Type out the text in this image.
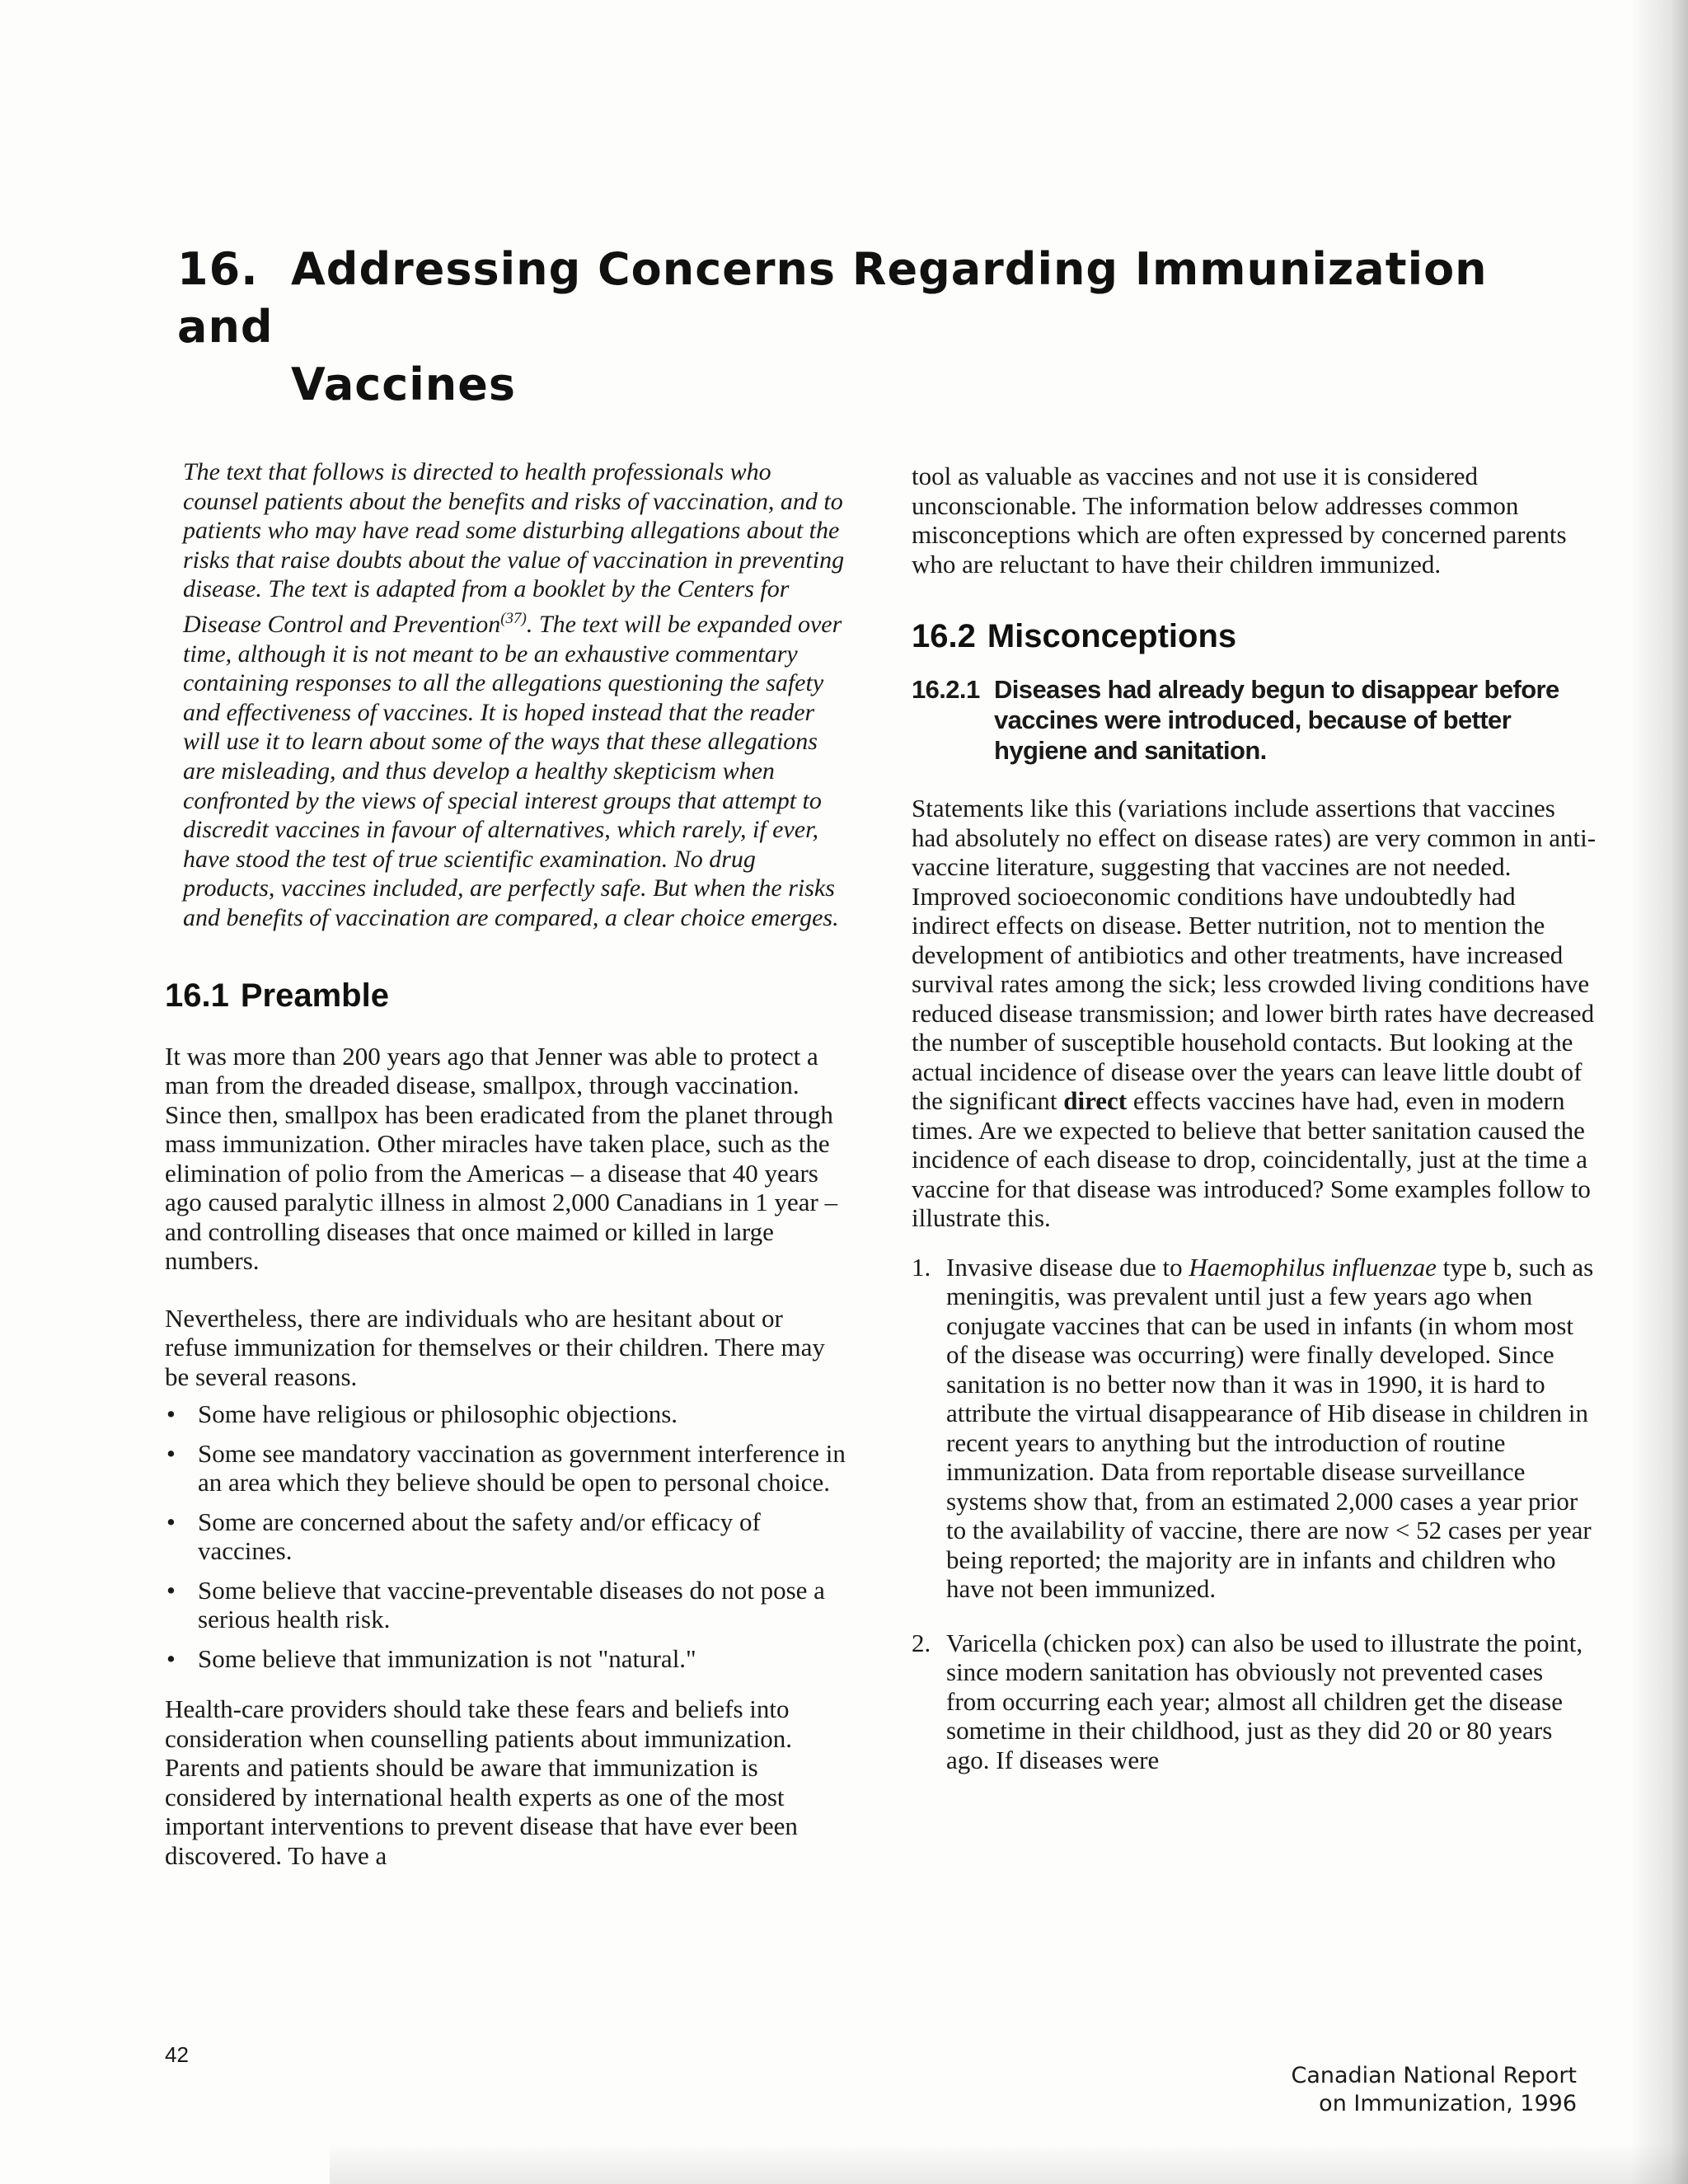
16. Addressing Concerns Regarding Immunization and
Vaccines

The text that follows is directed to health professionals who counsel patients about the benefits and risks of vaccination, and to patients who may have read some disturbing allegations about the risks that raise doubts about the value of vaccination in preventing disease. The text is adapted from a booklet by the Centers for Disease Control and Prevention$^{(37)}$. The text will be expanded over time, although it is not meant to be an exhaustive commentary containing responses to all the allegations questioning the safety and effectiveness of vaccines. It is hoped instead that the reader will use it to learn about some of the ways that these allegations are misleading, and thus develop a healthy skepticism when confronted by the views of special interest groups that attempt to discredit vaccines in favour of alternatives, which rarely, if ever, have stood the test of true scientific examination. No drug products, vaccines included, are perfectly safe. But when the risks and benefits of vaccination are compared, a clear choice emerges.

16.1 Preamble

It was more than 200 years ago that Jenner was able to protect a man from the dreaded disease, smallpox, through vaccination. Since then, smallpox has been eradicated from the planet through mass immunization. Other miracles have taken place, such as the elimination of polio from the Americas – a disease that 40 years ago caused paralytic illness in almost 2,000 Canadians in 1 year – and controlling diseases that once maimed or killed in large numbers.

Nevertheless, there are individuals who are hesitant about or refuse immunization for themselves or their children. There may be several reasons.

• Some have religious or philosophic objections.
• Some see mandatory vaccination as government interference in an area which they believe should be open to personal choice.
• Some are concerned about the safety and/or efficacy of vaccines.
• Some believe that vaccine-preventable diseases do not pose a serious health risk.
• Some believe that immunization is not "natural."

Health-care providers should take these fears and beliefs into consideration when counselling patients about immunization. Parents and patients should be aware that immunization is considered by international health experts as one of the most important interventions to prevent disease that have ever been discovered. To have a

tool as valuable as vaccines and not use it is considered unconscionable. The information below addresses common misconceptions which are often expressed by concerned parents who are reluctant to have their children immunized.

16.2 Misconceptions
16.2.1 Diseases had already begun to disappear before vaccines were introduced, because of better hygiene and sanitation.

Statements like this (variations include assertions that vaccines had absolutely no effect on disease rates) are very common in anti-vaccine literature, suggesting that vaccines are not needed. Improved socioeconomic conditions have undoubtedly had indirect effects on disease. Better nutrition, not to mention the development of antibiotics and other treatments, have increased survival rates among the sick; less crowded living conditions have reduced disease transmission; and lower birth rates have decreased the number of susceptible household contacts. But looking at the actual incidence of disease over the years can leave little doubt of the significant direct effects vaccines have had, even in modern times. Are we expected to believe that better sanitation caused the incidence of each disease to drop, coincidentally, just at the time a vaccine for that disease was introduced? Some examples follow to illustrate this.

1. Invasive disease due to Haemophilus influenzae type b, such as meningitis, was prevalent until just a few years ago when conjugate vaccines that can be used in infants (in whom most of the disease was occurring) were finally developed. Since sanitation is no better now than it was in 1990, it is hard to attribute the virtual disappearance of Hib disease in children in recent years to anything but the introduction of routine immunization. Data from reportable disease surveillance systems show that, from an estimated 2,000 cases a year prior to the availability of vaccine, there are now < 52 cases per year being reported; the majority are in infants and children who have not been immunized.
2. Varicella (chicken pox) can also be used to illustrate the point, since modern sanitation has obviously not prevented cases from occurring each year; almost all children get the disease sometime in their childhood, just as they did 20 or 80 years ago. If diseases were
42
Canadian National Report
on Immunization, 1996
